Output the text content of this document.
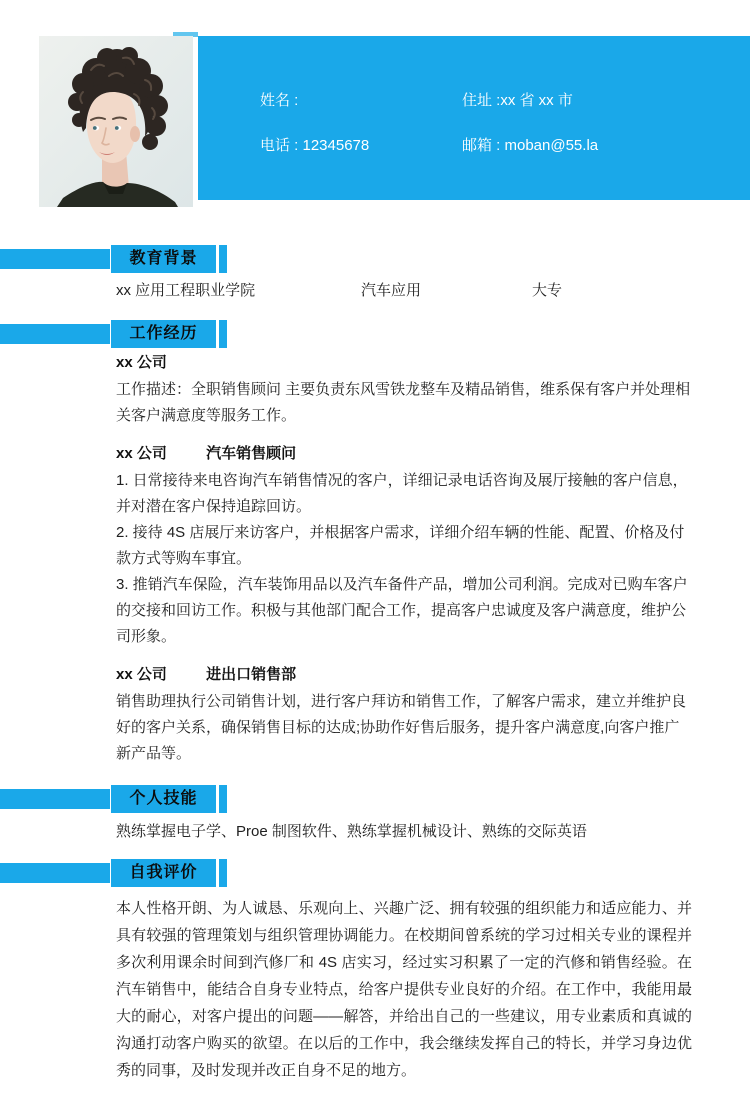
姓名 :	住址 :xx 省 xx 市
电话 : 12345678	邮箱 : moban@55.la
教育背景
xx 应用工程职业学院	汽车应用	大专
工作经历
xx 公司

工作描述：全职销售顾问 主要负责东风雪铁龙整车及精品销售，维系保有客户并处理相关客户满意度等服务工作。

xx 公司	汽车销售顾问

1. 日常接待来电咨询汽车销售情况的客户，详细记录电话咨询及展厅接触的客户信息，并对潜在客户保持追踪回访。

2. 接待 4S 店展厅来访客户，并根据客户需求，详细介绍车辆的性能、配置、价格及付款方式等购车事宜。

3. 推销汽车保险，汽车装饰用品以及汽车备件产品，增加公司利润。完成对已购车客户的交接和回访工作。积极与其他部门配合工作，提高客户忠诚度及客户满意度，维护公司形象。

xx 公司	进出口销售部

销售助理执行公司销售计划，进行客户拜访和销售工作，了解客户需求，建立并维护良好的客户关系，确保销售目标的达成;协助作好售后服务，提升客户满意度,向客户推广新产品等。

个人技能
熟练掌握电子学、Proe 制图软件、熟练掌握机械设计、熟练的交际英语
自我评价
本人性格开朗、为人诚恳、乐观向上、兴趣广泛、拥有较强的组织能力和适应能力、并具有较强的管理策划与组织管理协调能力。在校期间曾系统的学习过相关专业的课程并多次利用课余时间到汽修厂和 4S 店实习，经过实习积累了一定的汽修和销售经验。在汽车销售中，能结合自身专业特点，给客户提供专业良好的介绍。在工作中，我能用最大的耐心，对客户提出的问题——解答，并给出自己的一些建议，用专业素质和真诚的沟通打动客户购买的欲望。在以后的工作中，我会继续发挥自己的特长，并学习身边优秀的同事，及时发现并改正自身不足的地方。
